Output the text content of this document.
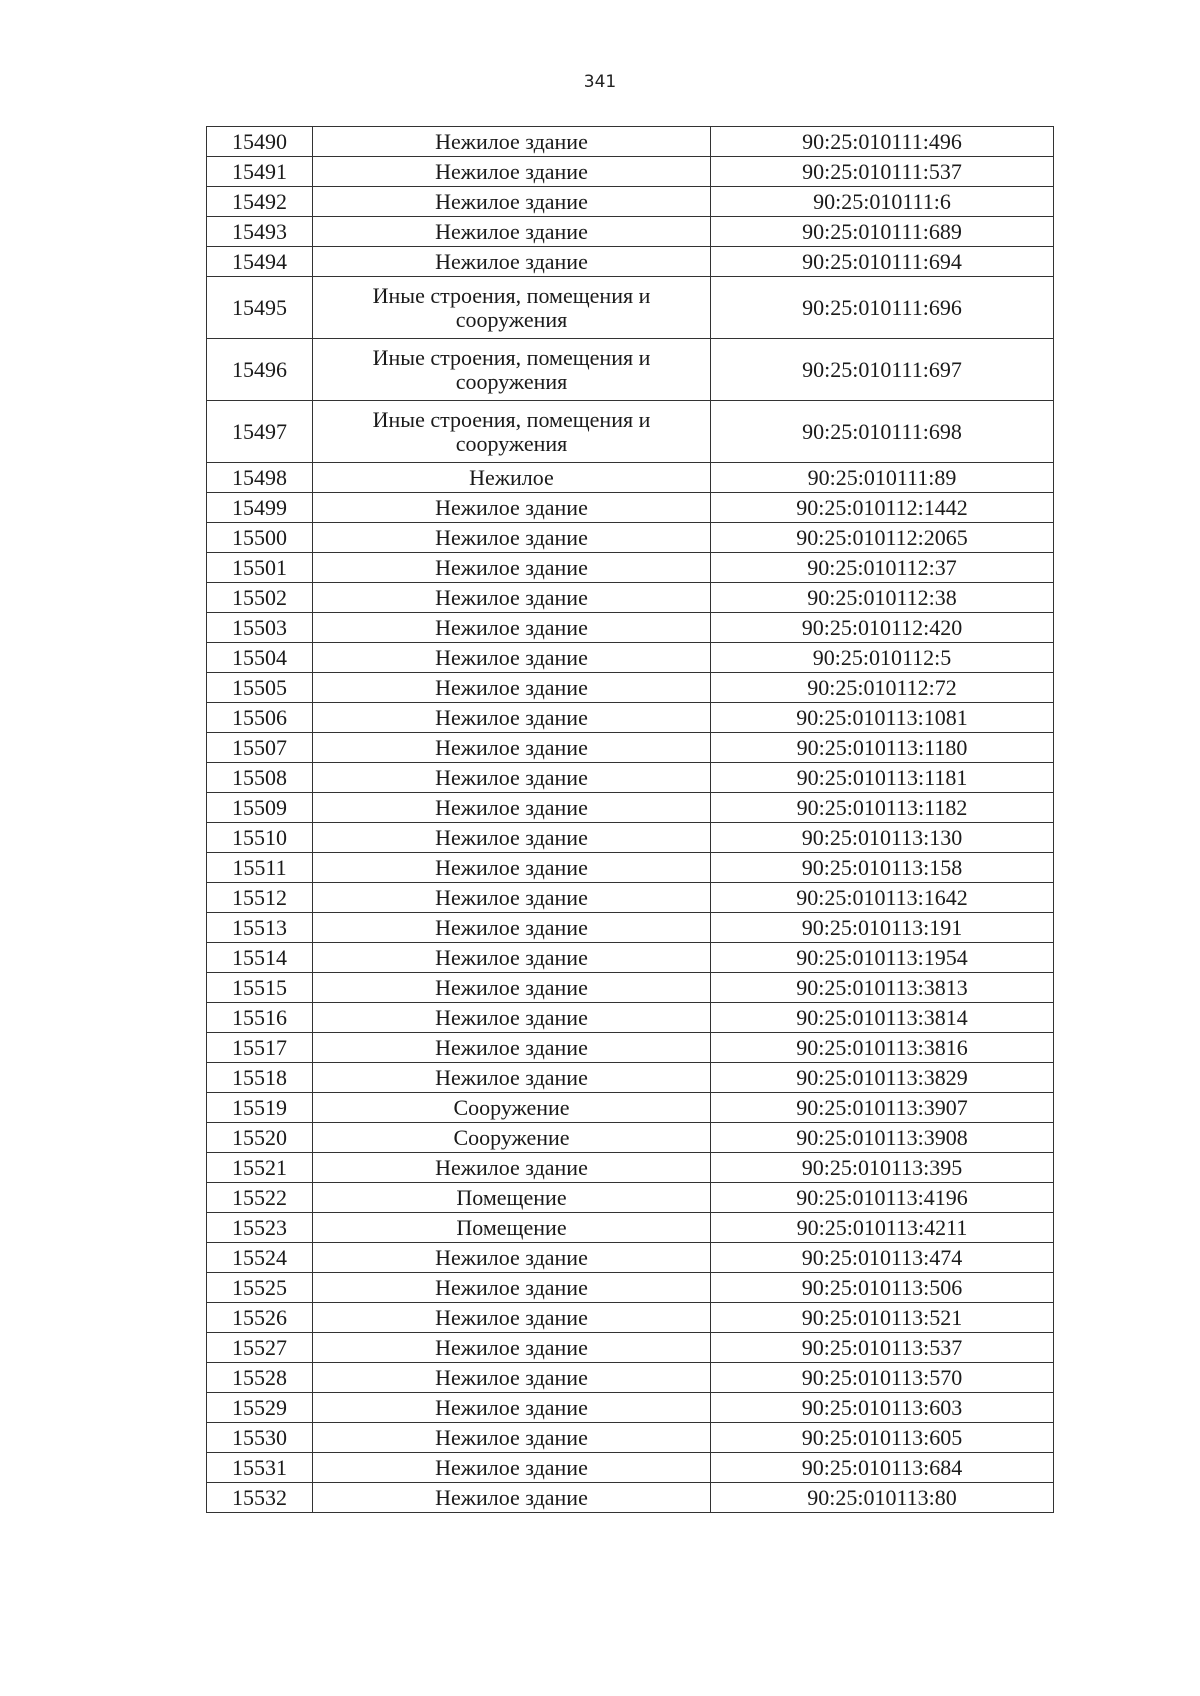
341
15490	Нежилое здание	90:25:010111:496
15491	Нежилое здание	90:25:010111:537
15492	Нежилое здание	90:25:010111:6
15493	Нежилое здание	90:25:010111:689
15494	Нежилое здание	90:25:010111:694
15495	Иные строения, помещения и сооружения	90:25:010111:696
15496	Иные строения, помещения и сооружения	90:25:010111:697
15497	Иные строения, помещения и сооружения	90:25:010111:698
15498	Нежилое	90:25:010111:89
15499	Нежилое здание	90:25:010112:1442
15500	Нежилое здание	90:25:010112:2065
15501	Нежилое здание	90:25:010112:37
15502	Нежилое здание	90:25:010112:38
15503	Нежилое здание	90:25:010112:420
15504	Нежилое здание	90:25:010112:5
15505	Нежилое здание	90:25:010112:72
15506	Нежилое здание	90:25:010113:1081
15507	Нежилое здание	90:25:010113:1180
15508	Нежилое здание	90:25:010113:1181
15509	Нежилое здание	90:25:010113:1182
15510	Нежилое здание	90:25:010113:130
15511	Нежилое здание	90:25:010113:158
15512	Нежилое здание	90:25:010113:1642
15513	Нежилое здание	90:25:010113:191
15514	Нежилое здание	90:25:010113:1954
15515	Нежилое здание	90:25:010113:3813
15516	Нежилое здание	90:25:010113:3814
15517	Нежилое здание	90:25:010113:3816
15518	Нежилое здание	90:25:010113:3829
15519	Сооружение	90:25:010113:3907
15520	Сооружение	90:25:010113:3908
15521	Нежилое здание	90:25:010113:395
15522	Помещение	90:25:010113:4196
15523	Помещение	90:25:010113:4211
15524	Нежилое здание	90:25:010113:474
15525	Нежилое здание	90:25:010113:506
15526	Нежилое здание	90:25:010113:521
15527	Нежилое здание	90:25:010113:537
15528	Нежилое здание	90:25:010113:570
15529	Нежилое здание	90:25:010113:603
15530	Нежилое здание	90:25:010113:605
15531	Нежилое здание	90:25:010113:684
15532	Нежилое здание	90:25:010113:80
